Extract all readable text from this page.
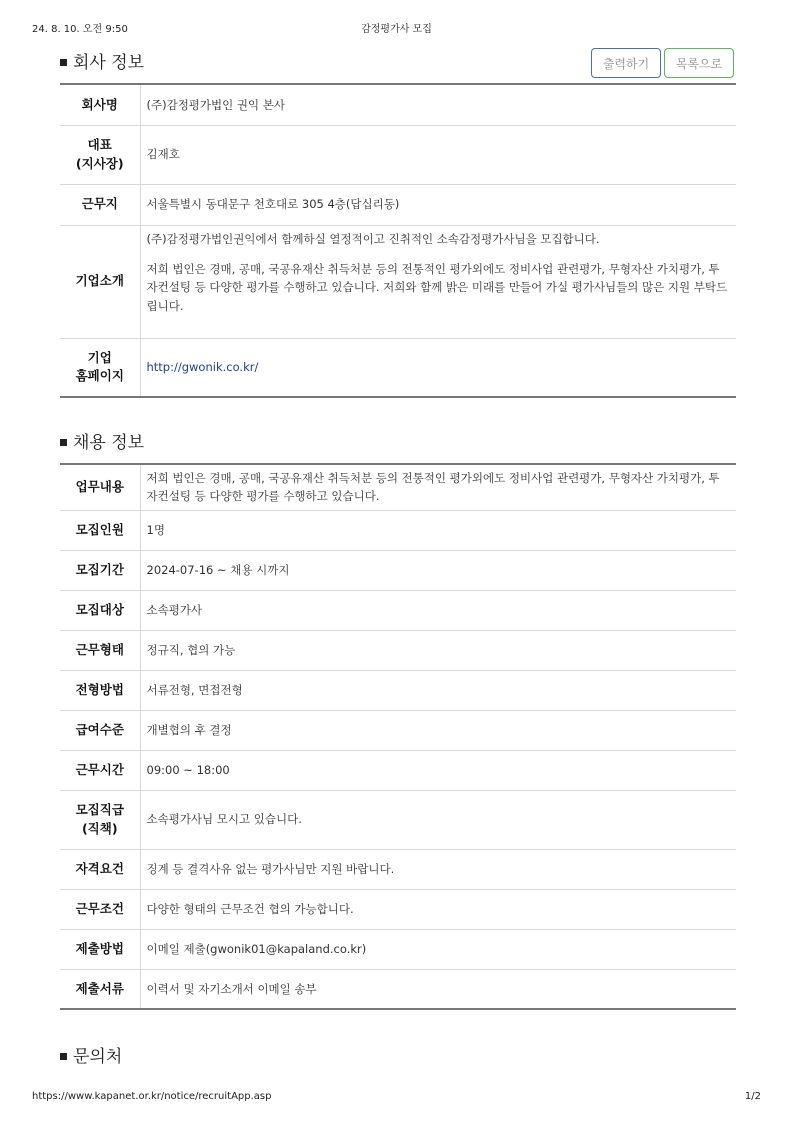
24. 8. 10. 오전 9:50	감정평가사 모집
회사 정보	출력하기	목록으로
회사명	(주)감정평가법인 권익 본사
대표
(지사장)	김재호
근무지	서울특별시 동대문구 천호대로 305 4층(답십리동)
기업소개	(주)감정평가법인권익에서 함께하실 열정적이고 진취적인 소속감정평가사님을 모집합니다.
저희 법인은 경매, 공매, 국공유재산 취득처분 등의 전통적인 평가외에도 정비사업 관련평가, 무형자산 가치평가, 투자컨설팅 등 다양한 평가를 수행하고 있습니다. 저희와 함께 밝은 미래를 만들어 가실 평가사님들의 많은 지원 부탁드립니다.

기업
홈페이지	http://gwonik.co.kr/
채용 정보
업무내용	저희 법인은 경매, 공매, 국공유재산 취득처분 등의 전통적인 평가외에도 정비사업 관련평가, 무형자산 가치평가, 투자컨설팅 등 다양한 평가를 수행하고 있습니다.
모집인원	1명
모집기간	2024-07-16 ~ 채용 시까지
모집대상	소속평가사
근무형태	정규직, 협의 가능
전형방법	서류전형, 면접전형
급여수준	개별협의 후 결정
근무시간	09:00 ~ 18:00
모집직급
(직책)	소속평가사님 모시고 있습니다.
자격요건	징계 등 결격사유 없는 평가사님만 지원 바랍니다.
근무조건	다양한 형태의 근무조건 협의 가능합니다.
제출방법	이메일 제출(gwonik01@kapaland.co.kr)
제출서류	이력서 및 자기소개서 이메일 송부
문의처
https://www.kapanet.or.kr/notice/recruitApp.asp	1/2
